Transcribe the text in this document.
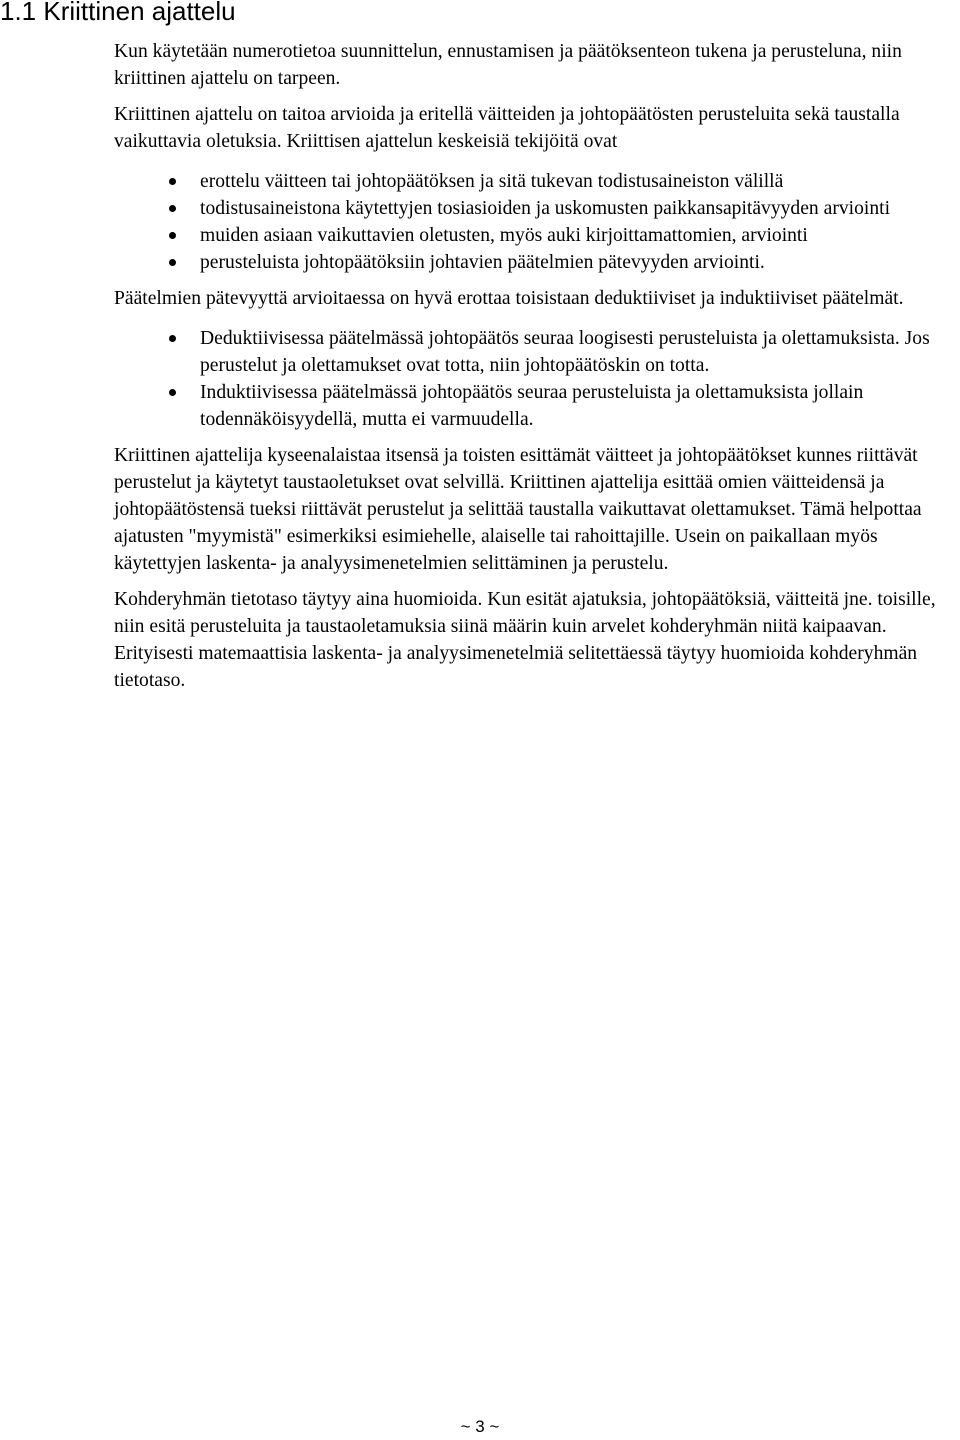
1.1 Kriittinen ajattelu

Kun käytetään numerotietoa suunnittelun, ennustamisen ja päätöksenteon tukena ja perusteluna, niin kriittinen ajattelu on tarpeen.

Kriittinen ajattelu on taitoa arvioida ja eritellä väitteiden ja johtopäätösten perusteluita sekä taustalla vaikuttavia oletuksia. Kriittisen ajattelun keskeisiä tekijöitä ovat

erottelu väitteen tai johtopäätöksen ja sitä tukevan todistusaineiston välillä
todistusaineistona käytettyjen tosiasioiden ja uskomusten paikkansapitävyyden arviointi
muiden asiaan vaikuttavien oletusten, myös auki kirjoittamattomien, arviointi
perusteluista johtopäätöksiin johtavien päätelmien pätevyyden arviointi.

Päätelmien pätevyyttä arvioitaessa on hyvä erottaa toisistaan deduktiiviset ja induktiiviset päätelmät.

Deduktiivisessa päätelmässä johtopäätös seuraa loogisesti perusteluista ja olettamuksista. Jos perustelut ja olettamukset ovat totta, niin johtopäätöskin on totta.
Induktiivisessa päätelmässä johtopäätös seuraa perusteluista ja olettamuksista jollain todennäköisyydellä, mutta ei varmuudella.

Kriittinen ajattelija kyseenalaistaa itsensä ja toisten esittämät väitteet ja johtopäätökset kunnes riittävät perustelut ja käytetyt taustaoletukset ovat selvillä. Kriittinen ajattelija esittää omien väitteidensä ja johtopäätöstensä tueksi riittävät perustelut ja selittää taustalla vaikuttavat olettamukset. Tämä helpottaa ajatusten "myymistä" esimerkiksi esimiehelle, alaiselle tai rahoittajille. Usein on paikallaan myös käytettyjen laskenta- ja analyysimenetelmien selittäminen ja perustelu.

Kohderyhmän tietotaso täytyy aina huomioida. Kun esität ajatuksia, johtopäätöksiä, väitteitä jne. toisille, niin esitä perusteluita ja taustaoletamuksia siinä määrin kuin arvelet kohderyhmän niitä kaipaavan. Erityisesti matemaattisia laskenta- ja analyysimenetelmiä selitettäessä täytyy huomioida kohderyhmän tietotaso.

~ 3 ~
